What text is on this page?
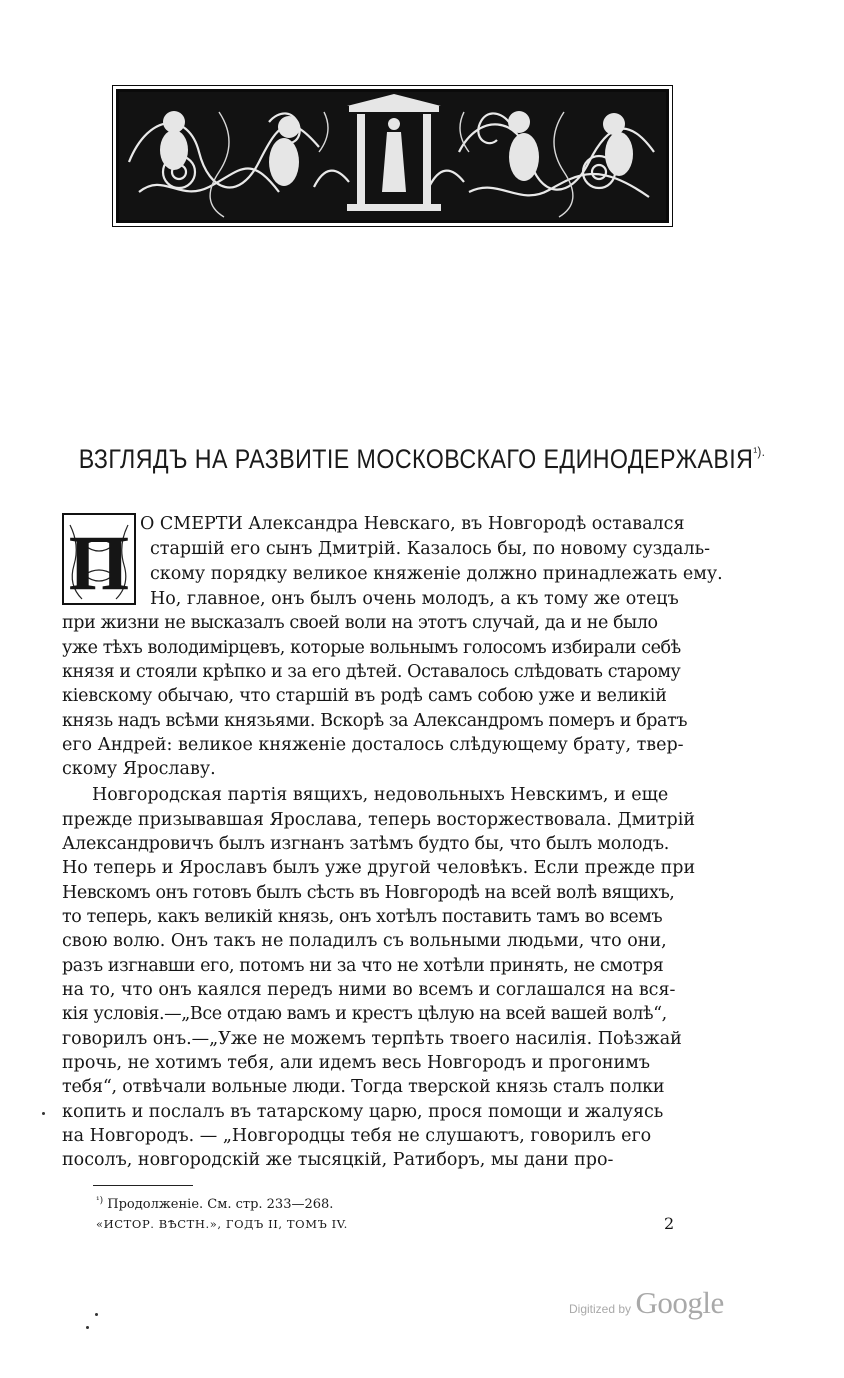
ВЗГЛЯДЪ НА РАЗВИТІЕ МОСКОВСКАГО $ЕДИНОДЕРЖАВІЯ^{^1).}$
П О СМЕРТИ Александра Невскаго, въ Новгородѣ оставался
старшій его сынъ Дмитрій. Казалось бы, по новому суздаль-
скому порядку великое княженіе должно принадлежать ему.
Но, главное, онъ былъ очень молодъ, а къ тому же отецъ
при жизни не высказалъ своей воли на этотъ случай, да и не было
уже тѣхъ володимірцевъ, которые вольнымъ голосомъ избирали себѣ
князя и стояли крѣпко и за его дѣтей. Оставалось слѣдовать старому
кіевскому обычаю, что старшій въ родѣ самъ собою уже и великій
князь надъ всѣми князьями. Вскорѣ за Александромъ померъ и братъ
его Андрей: великое княженіе досталось слѣдующему брату, твер-
скому Ярославу.
Новгородская партія вящихъ, недовольныхъ Невскимъ, и еще
прежде призывавшая Ярослава, теперь восторжествовала. Дмитрій
Александровичъ былъ изгнанъ затѣмъ будто бы, что былъ молодъ.
Но теперь и Ярославъ былъ уже другой человѣкъ. Если прежде при
Невскомъ онъ готовъ былъ сѣсть въ Новгородѣ на всей волѣ вящихъ,
то теперь, какъ великій князь, онъ хотѣлъ поставить тамъ во всемъ
свою волю. Онъ такъ не поладилъ съ вольными людьми, что они,
разъ изгнавши его, потомъ ни за что не хотѣли принять, не смотря
на то, что онъ каялся передъ ними во всемъ и соглашался на вся-
кія условія.—„Все отдаю вамъ и крестъ цѣлую на всей вашей волѣ“,
говорилъ онъ.—„Уже не можемъ терпѣть твоего насилія. Поѣзжай
прочь, не хотимъ тебя, али идемъ весь Новгородъ и прогонимъ
тебя“, отвѣчали вольные люди. Тогда тверской князь сталъ полки
копить и послалъ въ татарскому царю, прося помощи и жалуясь
на Новгородъ. — „Новгородцы тебя не слушаютъ, говорилъ его
посолъ, новгородскій же тысяцкій, Ратиборъ, мы дани про-
$^{^1)}$ Продолженіе. См. стр. 233—268.
«ИСТОР. ВѢСТН.», ГОДЪ II, ТОМЪ IV.	2
Digitized by Google
